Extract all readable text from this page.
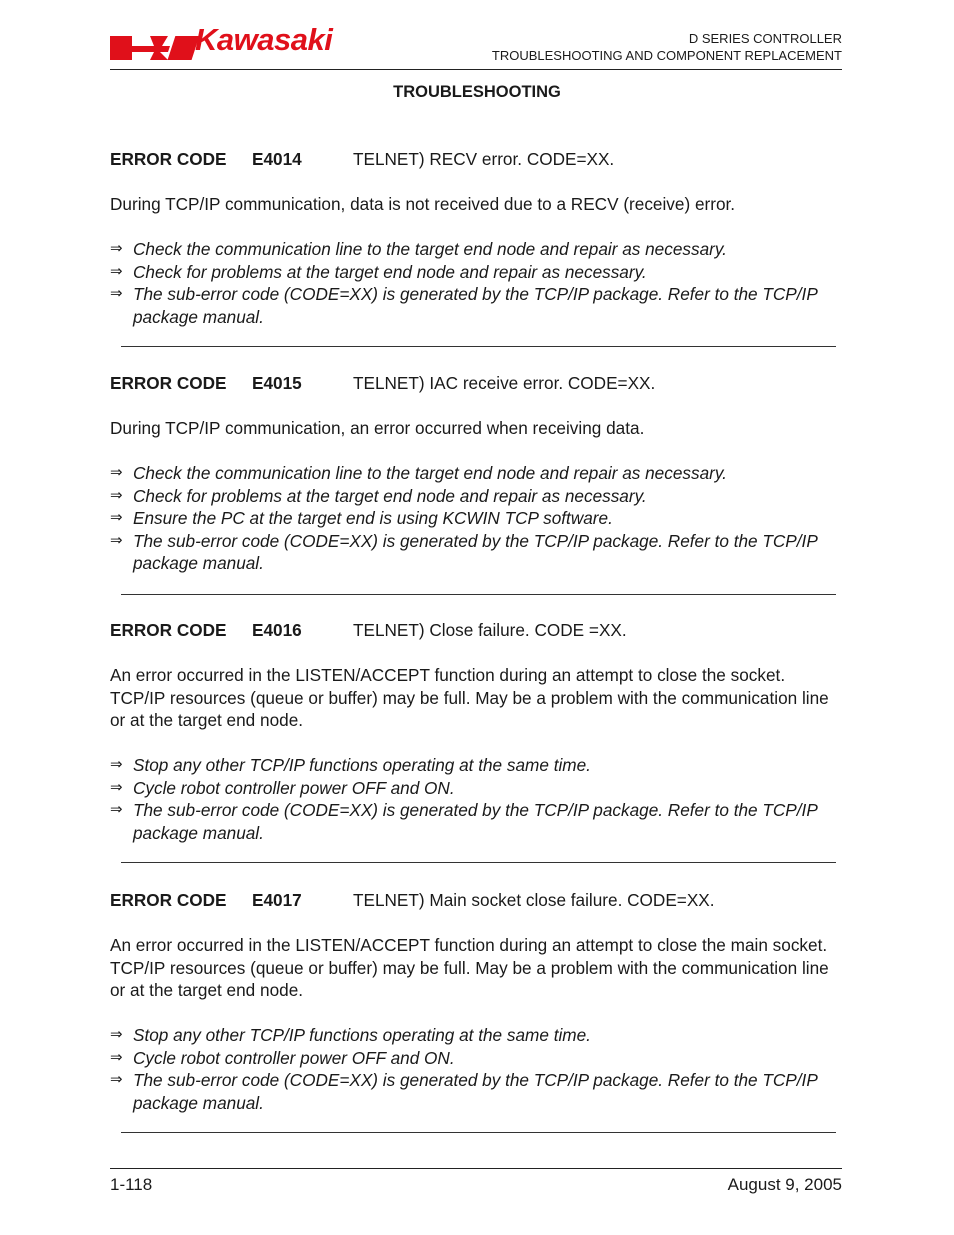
Kawasaki	D SERIES CONTROLLER
TROUBLESHOOTING AND COMPONENT REPLACEMENT
TROUBLESHOOTING
ERROR CODE E4014	TELNET) RECV error. CODE=XX.
During TCP/IP communication, data is not received due to a RECV (receive) error.
⇒ Check the communication line to the target end node and repair as necessary.
⇒ Check for problems at the target end node and repair as necessary.
⇒ The sub-error code (CODE=XX) is generated by the TCP/IP package. Refer to the TCP/IP package manual.
ERROR CODE E4015	TELNET) IAC receive error. CODE=XX.
During TCP/IP communication, an error occurred when receiving data.
⇒ Check the communication line to the target end node and repair as necessary.
⇒ Check for problems at the target end node and repair as necessary.
⇒ Ensure the PC at the target end is using KCWIN TCP software.
⇒ The sub-error code (CODE=XX) is generated by the TCP/IP package. Refer to the TCP/IP package manual.
ERROR CODE E4016	TELNET) Close failure. CODE =XX.
An error occurred in the LISTEN/ACCEPT function during an attempt to close the socket. TCP/IP resources (queue or buffer) may be full. May be a problem with the communication line or at the target end node.
⇒ Stop any other TCP/IP functions operating at the same time.
⇒ Cycle robot controller power OFF and ON.
⇒ The sub-error code (CODE=XX) is generated by the TCP/IP package. Refer to the TCP/IP package manual.
ERROR CODE E4017	TELNET) Main socket close failure. CODE=XX.
An error occurred in the LISTEN/ACCEPT function during an attempt to close the main socket. TCP/IP resources (queue or buffer) may be full. May be a problem with the communication line or at the target end node.
⇒ Stop any other TCP/IP functions operating at the same time.
⇒ Cycle robot controller power OFF and ON.
⇒ The sub-error code (CODE=XX) is generated by the TCP/IP package. Refer to the TCP/IP package manual.
1-118	August 9, 2005
